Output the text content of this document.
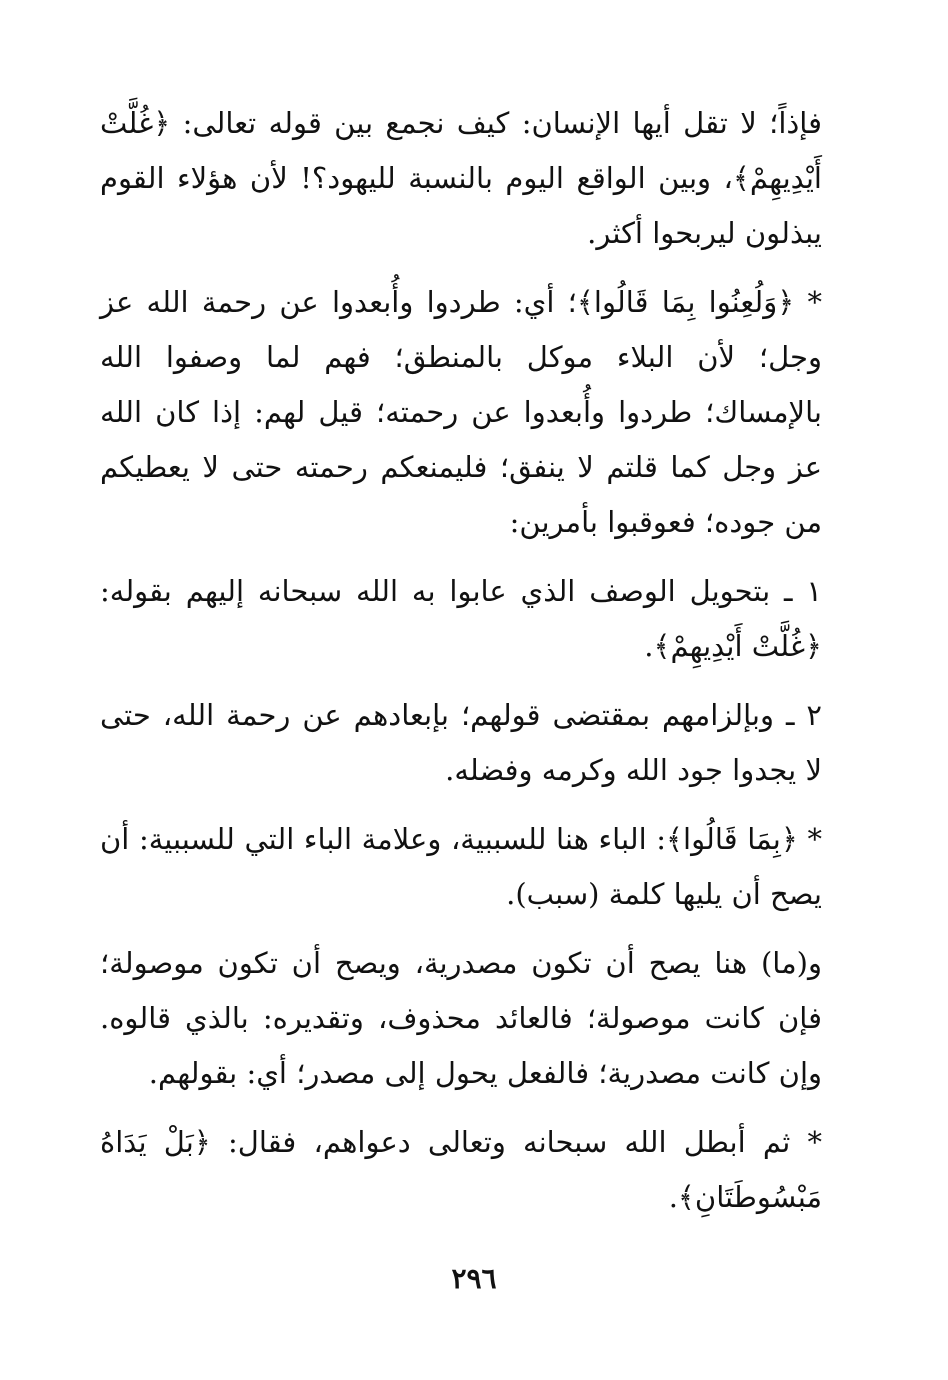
فإذاً؛ لا تقل أيها الإنسان: كيف نجمع بين قوله تعالى: ﴿غُلَّتْ أَيْدِيهِمْ﴾، وبين الواقع اليوم بالنسبة لليهود؟! لأن هؤلاء القوم يبذلون ليربحوا أكثر.

* ﴿وَلُعِنُوا بِمَا قَالُوا﴾؛ أي: طردوا وأُبعدوا عن رحمة الله عز وجل؛ لأن البلاء موكل بالمنطق؛ فهم لما وصفوا الله بالإمساك؛ طردوا وأُبعدوا عن رحمته؛ قيل لهم: إذا كان الله عز وجل كما قلتم لا ينفق؛ فليمنعكم رحمته حتى لا يعطيكم من جوده؛ فعوقبوا بأمرين:

١ ـ بتحويل الوصف الذي عابوا به الله سبحانه إليهم بقوله: ﴿غُلَّتْ أَيْدِيهِمْ﴾.

٢ ـ وبإلزامهم بمقتضى قولهم؛ بإبعادهم عن رحمة الله، حتى لا يجدوا جود الله وكرمه وفضله.

* ﴿بِمَا قَالُوا﴾: الباء هنا للسببية، وعلامة الباء التي للسببية: أن يصح أن يليها كلمة (سبب).

و(ما) هنا يصح أن تكون مصدرية، ويصح أن تكون موصولة؛ فإن كانت موصولة؛ فالعائد محذوف، وتقديره: بالذي قالوه. وإن كانت مصدرية؛ فالفعل يحول إلى مصدر؛ أي: بقولهم.

* ثم أبطل الله سبحانه وتعالى دعواهم، فقال: ﴿بَلْ يَدَاهُ مَبْسُوطَتَانِ﴾.

٢٩٦
